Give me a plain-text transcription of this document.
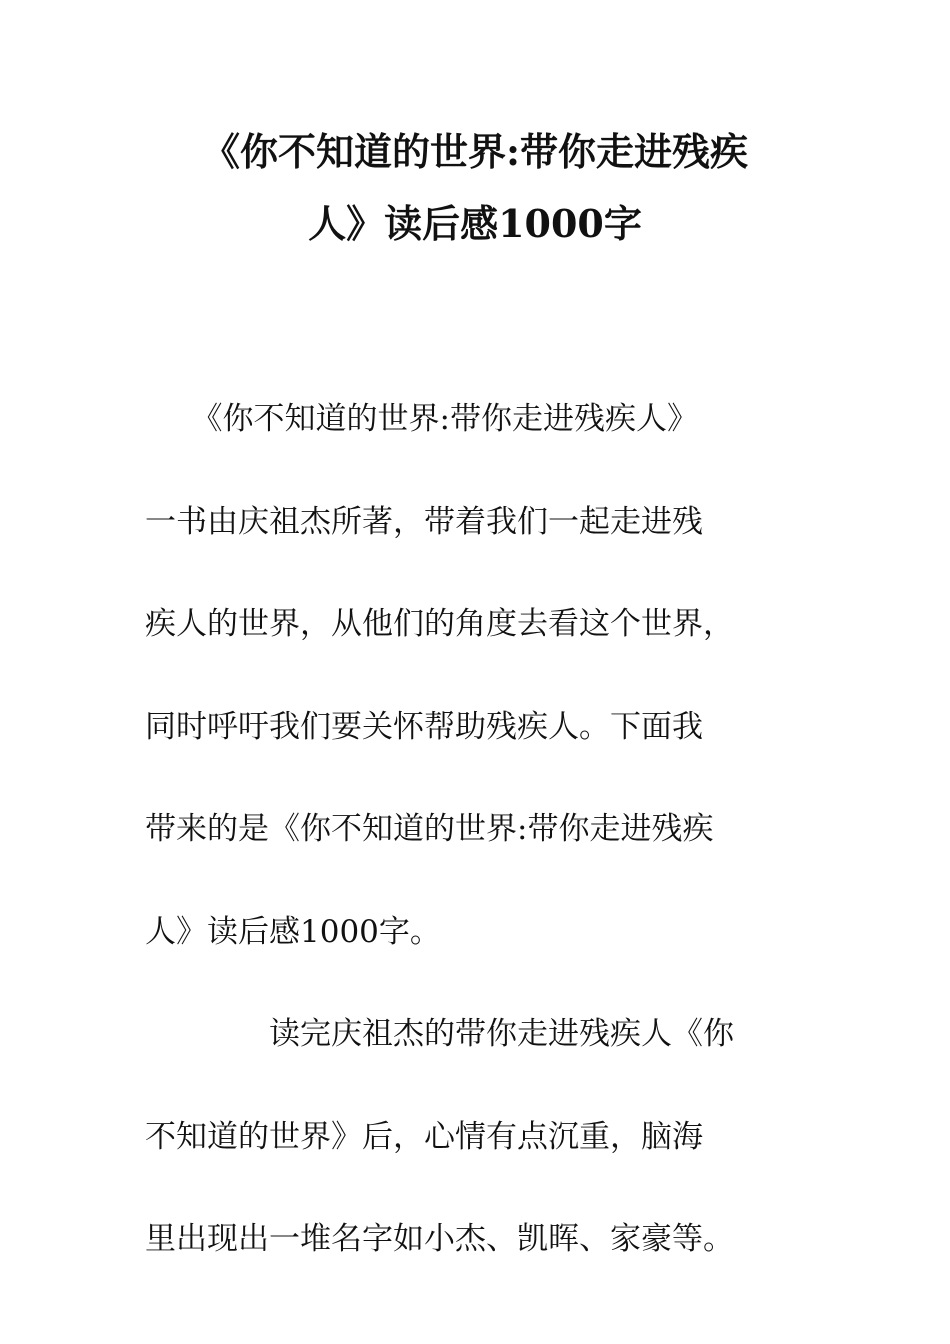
《你不知道的世界:带你走进残疾
人》读后感1000字
　　《你不知道的世界:带你走进残疾人》
一书由庆祖杰所著，带着我们一起走进残
疾人的世界，从他们的角度去看这个世界，
同时呼吁我们要关怀帮助残疾人。下面我
带来的是《你不知道的世界:带你走进残疾
人》读后感1000字。
　　　　读完庆祖杰的带你走进残疾人《你
不知道的世界》后，心情有点沉重，脑海
里出现出一堆名字如小杰、凯晖、家豪等。
